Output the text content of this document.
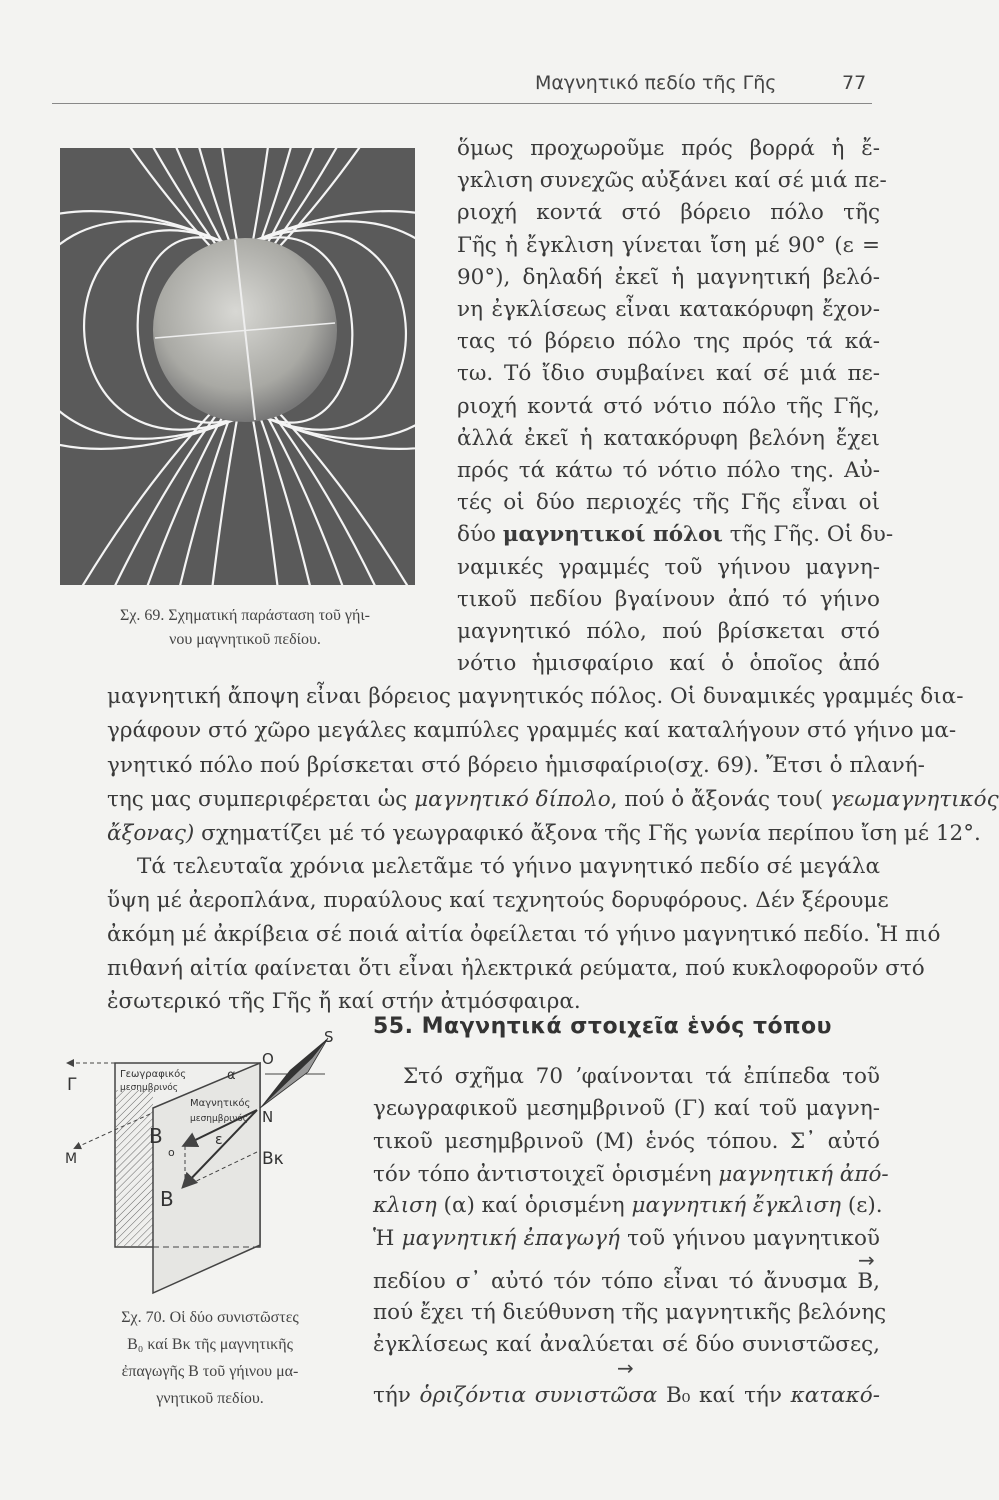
Μαγνητικό πεδίο τῆς Γῆς	77
Σχ. 69. Σχηματική παράσταση τοῦ γήι-
νου μαγνητικοῦ πεδίου.
ὅμως προχωροῦμε πρός βορρά ἡ ἔ-
γκλιση συνεχῶς αὐξάνει καί σέ μιά πε-
ριοχή κοντά στό βόρειο πόλο τῆς
Γῆς ἡ ἔγκλιση γίνεται ἴση μέ 90° (ε =
90°), δηλαδή ἐκεῖ ἡ μαγνητική βελό-
νη ἐγκλίσεως εἶναι κατακόρυφη ἔχον-
τας τό βόρειο πόλο της πρός τά κά-
τω. Τό ἴδιο συμβαίνει καί σέ μιά πε-
ριοχή κοντά στό νότιο πόλο τῆς Γῆς,
ἀλλά ἐκεῖ ἡ κατακόρυφη βελόνη ἔχει
πρός τά κάτω τό νότιο πόλο της. Αὐ-
τές οἱ δύο περιοχές τῆς Γῆς εἶναι οἱ
δύο μαγνητικοί πόλοι τῆς Γῆς. Οἱ δυ-
ναμικές γραμμές τοῦ γήινου μαγνη-
τικοῦ πεδίου βγαίνουν ἀπό τό γήινο
μαγνητικό πόλο, πού βρίσκεται στό
νότιο ἡμισφαίριο καί ὁ ὁποῖος ἀπό
μαγνητική ἄποψη εἶναι βόρειος μαγνητικός πόλος. Οἱ δυναμικές γραμμές δια-
γράφουν στό χῶρο μεγάλες καμπύλες γραμμές καί καταλήγουν στό γήινο μα-
γνητικό πόλο πού βρίσκεται στό βόρειο ἡμισφαίριο(σχ. 69). Ἔτσι ὁ πλανή-
της μας συμπεριφέρεται ὡς μαγνητικό δίπολο, πού ὁ ἄξονάς του( γεωμαγνητικός
ἄξονας) σχηματίζει μέ τό γεωγραφικό ἄξονα τῆς Γῆς γωνία περίπου ἴση μέ 12°.
Τά τελευταῖα χρόνια μελετᾶμε τό γήινο μαγνητικό πεδίο σέ μεγάλα
ὕψη μέ ἀεροπλάνα, πυραύλους καί τεχνητούς δορυφόρους. Δέν ξέρουμε
ἀκόμη μέ ἀκρίβεια σέ ποιά αἰτία ὀφείλεται τό γήινο μαγνητικό πεδίο. Ἡ πιό
πιθανή αἰτία φαίνεται ὅτι εἶναι ἠλεκτρικά ρεύματα, πού κυκλοφοροῦν στό
ἐσωτερικό τῆς Γῆς ἤ καί στήν ἀτμόσφαιρα.
55. Μαγνητικά στοιχεῖα ἑνός τόπου
Στό σχῆμα 70 ʼφαίνονται τά ἐπίπεδα τοῦ
γεωγραφικοῦ μεσημβρινοῦ (Γ) καί τοῦ μαγνη-
τικοῦ μεσημβρινοῦ (Μ) ἑνός τόπου. Σ᾿ αὐτό
τόν τόπο ἀντιστοιχεῖ ὁρισμένη μαγνητική ἀπό-
κλιση (α) καί ὁρισμένη μαγνητική ἔγκλιση (ε).
Ἡ μαγνητική ἐπαγωγή τοῦ γήινου μαγνητικοῦ
πεδίου σ᾿ αὐτό τόν τόπο εἶναι τό ἄνυσμα B,
πού ἔχει τή διεύθυνση τῆς μαγνητικῆς βελόνης
ἐγκλίσεως καί ἀναλύεται σέ δύο συνιστῶσες,
τήν ὁριζόντια συνιστῶσα B₀ καί τήν κατακό-
→
→
Γ
M
S
O
N
Bκ
B
o
B
ε
α
Γεωγραφικός
μεσημβρινός
Μαγνητικός
μεσημβρινός
Σχ. 70. Οἱ δύο συνιστῶστες
B₀ καί Bκ τῆς μαγνητικῆς
ἐπαγωγῆς B τοῦ γήινου μα-
γνητικοῦ πεδίου.
